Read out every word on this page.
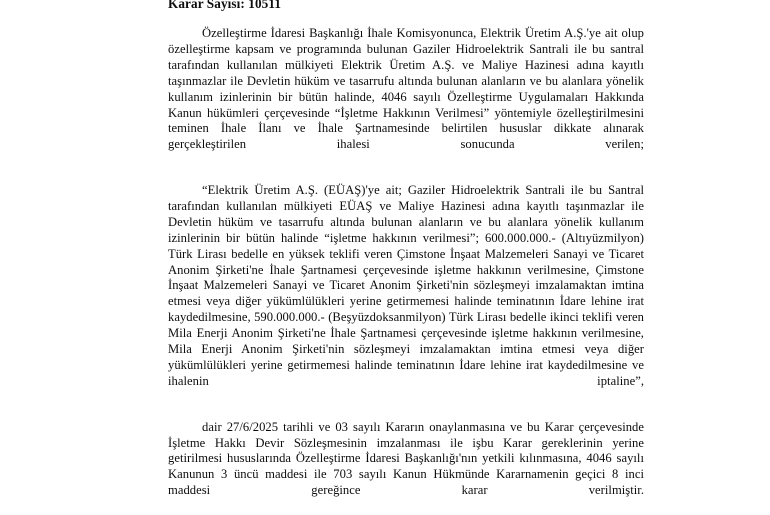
Karar Sayısı: 10511

Özelleştirme İdaresi Başkanlığı İhale Komisyonunca, Elektrik Üretim A.Ş.'ye ait olup özelleştirme kapsam ve programında bulunan Gaziler Hidroelektrik Santrali ile bu santral tarafından kullanılan mülkiyeti Elektrik Üretim A.Ş. ve Maliye Hazinesi adına kayıtlı taşınmazlar ile Devletin hüküm ve tasarrufu altında bulunan alanların ve bu alanlara yönelik kullanım izinlerinin bir bütün halinde, 4046 sayılı Özelleştirme Uygulamaları Hakkında Kanun hükümleri çerçevesinde “İşletme Hakkının Verilmesi” yöntemiyle özelleştirilmesini teminen İhale İlanı ve İhale Şartnamesinde belirtilen hususlar dikkate alınarak gerçekleştirilen ihalesi sonucunda verilen;

“Elektrik Üretim A.Ş. (EÜAŞ)'ye ait; Gaziler Hidroelektrik Santrali ile bu Santral tarafından kullanılan mülkiyeti EÜAŞ ve Maliye Hazinesi adına kayıtlı taşınmazlar ile Devletin hüküm ve tasarrufu altında bulunan alanların ve bu alanlara yönelik kullanım izinlerinin bir bütün halinde “işletme hakkının verilmesi”; 600.000.000.- (Altıyüzmilyon) Türk Lirası bedelle en yüksek teklifi veren Çimstone İnşaat Malzemeleri Sanayi ve Ticaret Anonim Şirketi'ne İhale Şartnamesi çerçevesinde işletme hakkının verilmesine, Çimstone İnşaat Malzemeleri Sanayi ve Ticaret Anonim Şirketi'nin sözleşmeyi imzalamaktan imtina etmesi veya diğer yükümlülükleri yerine getirmemesi halinde teminatının İdare lehine irat kaydedilmesine, 590.000.000.- (Beşyüzdoksanmilyon) Türk Lirası bedelle ikinci teklifi veren Mila Enerji Anonim Şirketi'ne İhale Şartnamesi çerçevesinde işletme hakkının verilmesine, Mila Enerji Anonim Şirketi'nin sözleşmeyi imzalamaktan imtina etmesi veya diğer yükümlülükleri yerine getirmemesi halinde teminatının İdare lehine irat kaydedilmesine ve ihalenin iptaline”,

dair 27/6/2025 tarihli ve 03 sayılı Kararın onaylanmasına ve bu Karar çerçevesinde İşletme Hakkı Devir Sözleşmesinin imzalanması ile işbu Karar gereklerinin yerine getirilmesi hususlarında Özelleştirme İdaresi Başkanlığı'nın yetkili kılınmasına, 4046 sayılı Kanunun 3 üncü maddesi ile 703 sayılı Kanun Hükmünde Kararnamenin geçici 8 inci maddesi gereğince karar verilmiştir.
